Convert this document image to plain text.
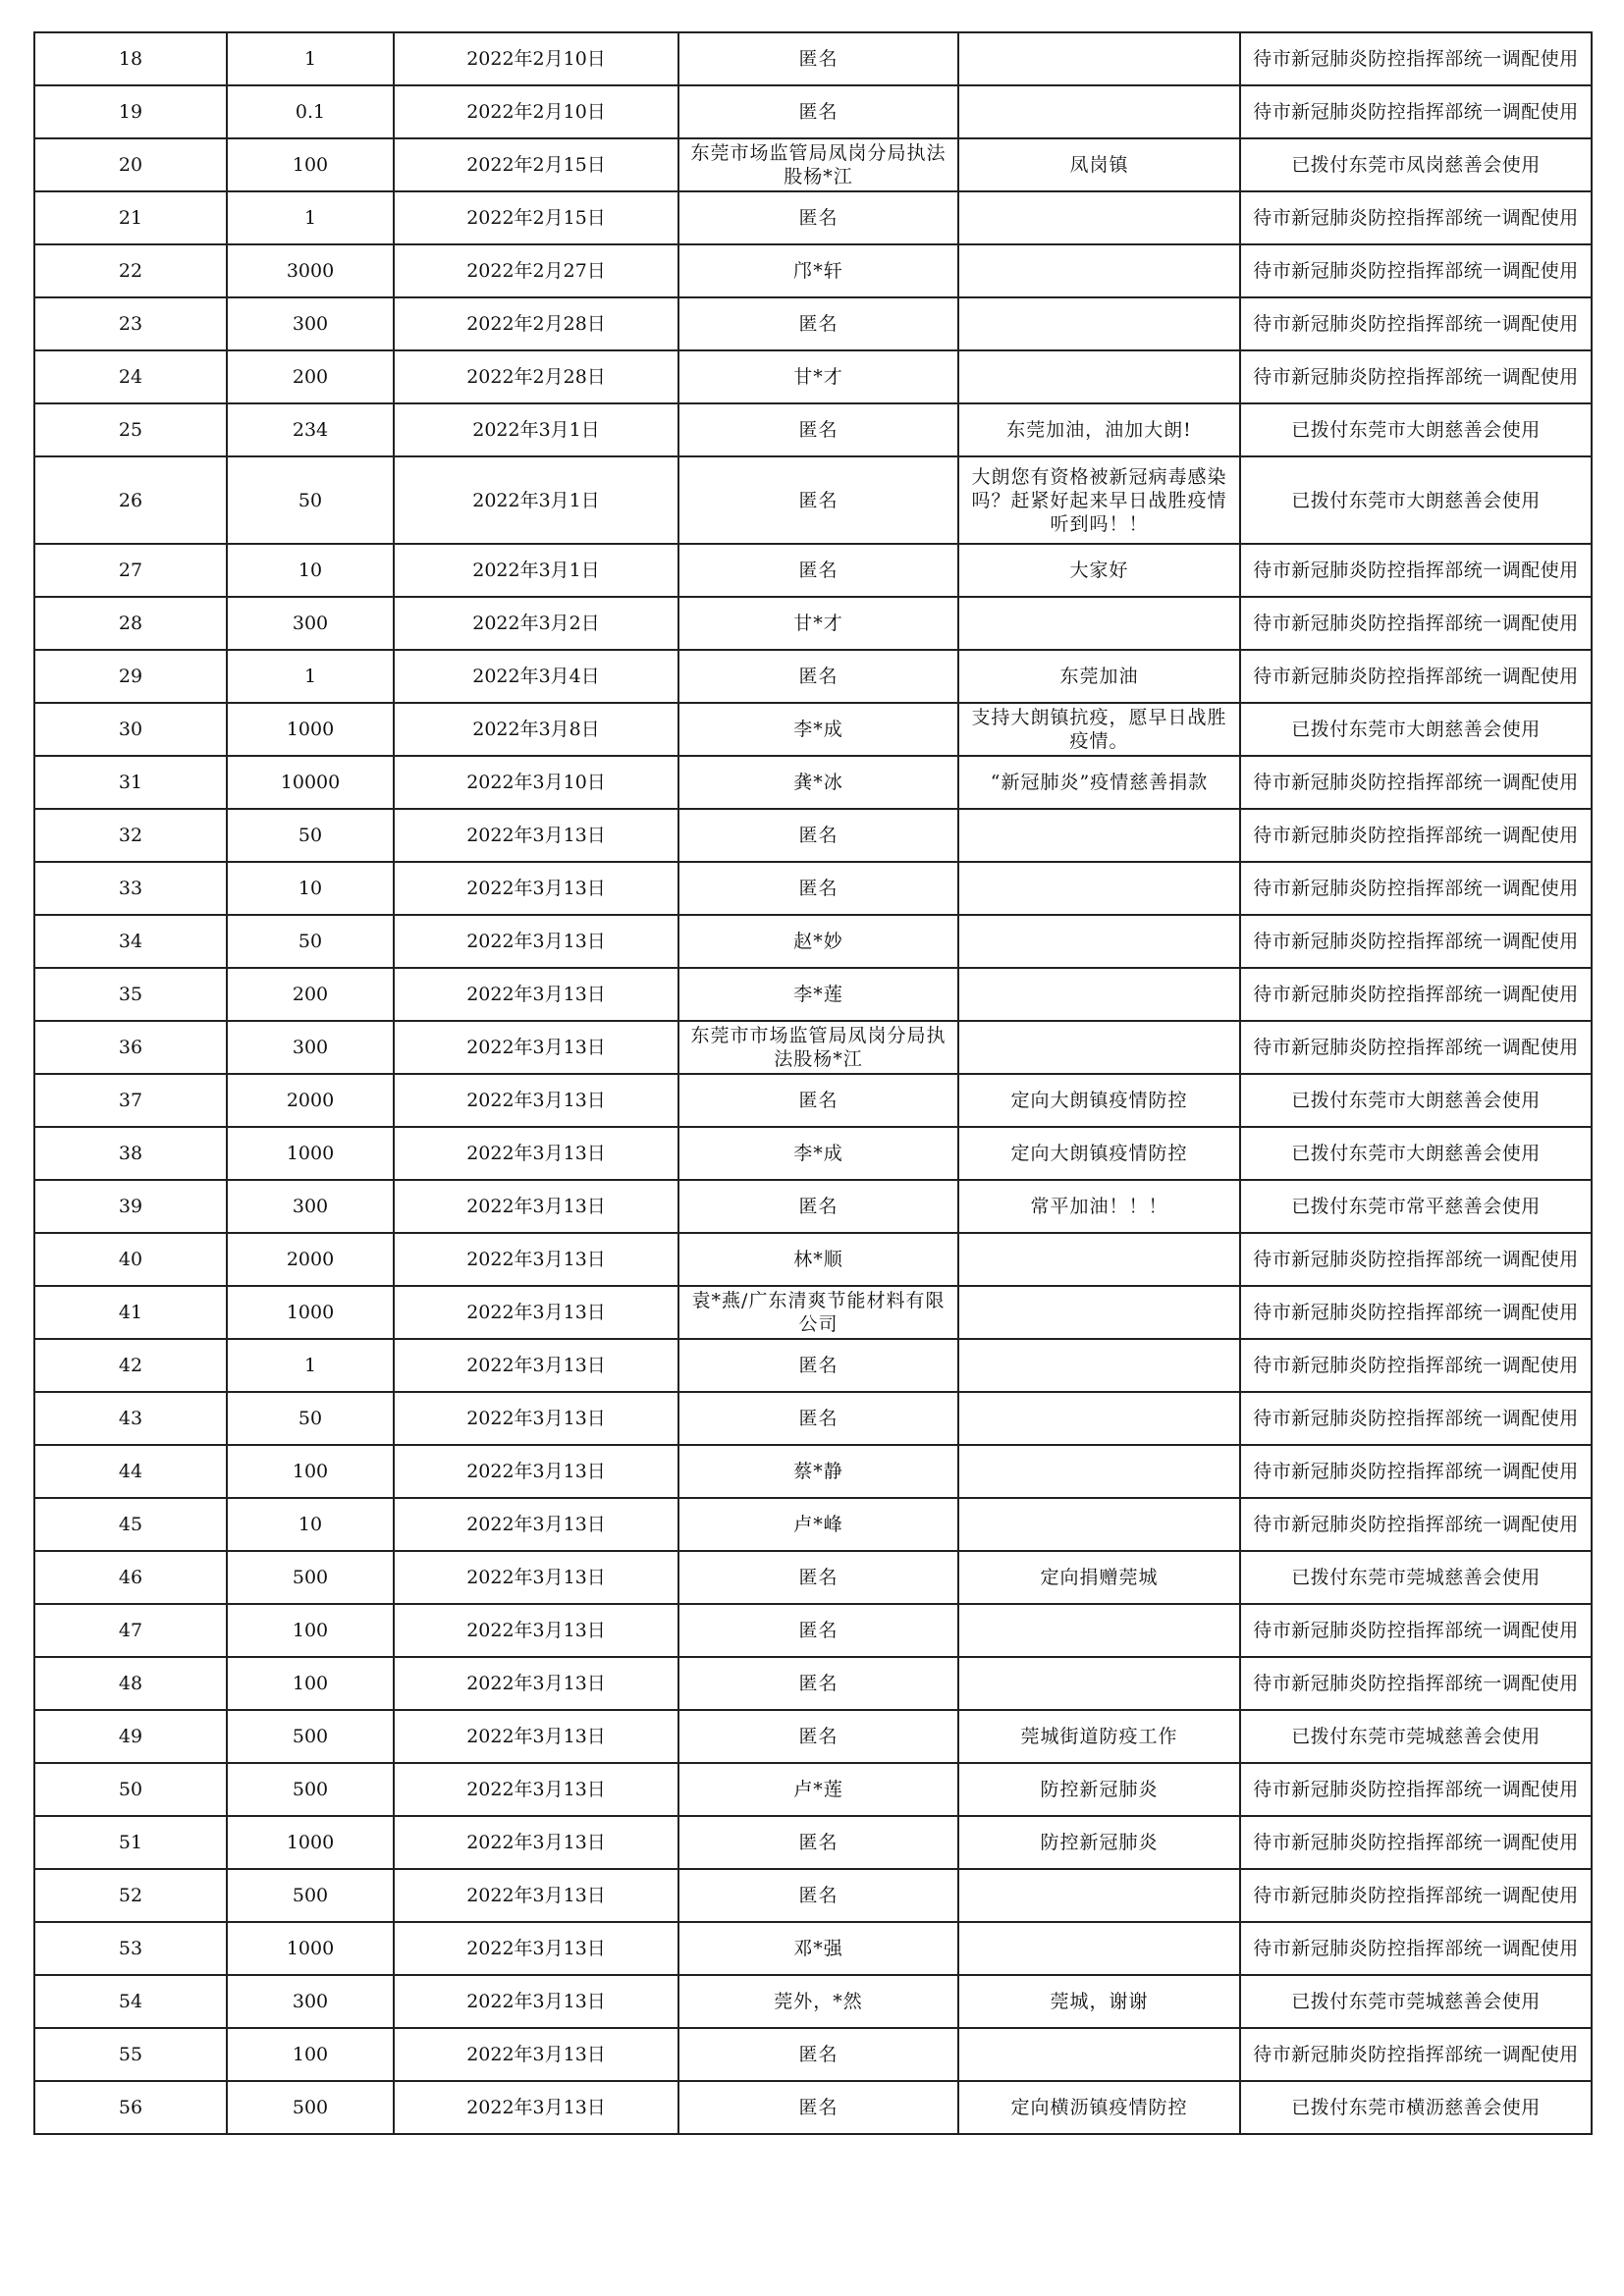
18	1	2022年2月10日	匿名		待市新冠肺炎防控指挥部统一调配使用
19	0.1	2022年2月10日	匿名		待市新冠肺炎防控指挥部统一调配使用
20	100	2022年2月15日	东莞市场监管局凤岗分局执法股杨*江	凤岗镇	已拨付东莞市凤岗慈善会使用
21	1	2022年2月15日	匿名		待市新冠肺炎防控指挥部统一调配使用
22	3000	2022年2月27日	邝*轩		待市新冠肺炎防控指挥部统一调配使用
23	300	2022年2月28日	匿名		待市新冠肺炎防控指挥部统一调配使用
24	200	2022年2月28日	甘*才		待市新冠肺炎防控指挥部统一调配使用
25	234	2022年3月1日	匿名	东莞加油，油加大朗!	已拨付东莞市大朗慈善会使用
26	50	2022年3月1日	匿名	大朗您有资格被新冠病毒感染吗？赶紧好起来早日战胜疫情听到吗！！	已拨付东莞市大朗慈善会使用
27	10	2022年3月1日	匿名	大家好	待市新冠肺炎防控指挥部统一调配使用
28	300	2022年3月2日	甘*才		待市新冠肺炎防控指挥部统一调配使用
29	1	2022年3月4日	匿名	东莞加油	待市新冠肺炎防控指挥部统一调配使用
30	1000	2022年3月8日	李*成	支持大朗镇抗疫，愿早日战胜疫情。	已拨付东莞市大朗慈善会使用
31	10000	2022年3月10日	龚*冰	“新冠肺炎”疫情慈善捐款	待市新冠肺炎防控指挥部统一调配使用
32	50	2022年3月13日	匿名		待市新冠肺炎防控指挥部统一调配使用
33	10	2022年3月13日	匿名		待市新冠肺炎防控指挥部统一调配使用
34	50	2022年3月13日	赵*妙		待市新冠肺炎防控指挥部统一调配使用
35	200	2022年3月13日	李*莲		待市新冠肺炎防控指挥部统一调配使用
36	300	2022年3月13日	东莞市市场监管局凤岗分局执法股杨*江		待市新冠肺炎防控指挥部统一调配使用
37	2000	2022年3月13日	匿名	定向大朗镇疫情防控	已拨付东莞市大朗慈善会使用
38	1000	2022年3月13日	李*成	定向大朗镇疫情防控	已拨付东莞市大朗慈善会使用
39	300	2022年3月13日	匿名	常平加油！！！	已拨付东莞市常平慈善会使用
40	2000	2022年3月13日	林*顺		待市新冠肺炎防控指挥部统一调配使用
41	1000	2022年3月13日	袁*燕/广东清爽节能材料有限公司		待市新冠肺炎防控指挥部统一调配使用
42	1	2022年3月13日	匿名		待市新冠肺炎防控指挥部统一调配使用
43	50	2022年3月13日	匿名		待市新冠肺炎防控指挥部统一调配使用
44	100	2022年3月13日	蔡*静		待市新冠肺炎防控指挥部统一调配使用
45	10	2022年3月13日	卢*峰		待市新冠肺炎防控指挥部统一调配使用
46	500	2022年3月13日	匿名	定向捐赠莞城	已拨付东莞市莞城慈善会使用
47	100	2022年3月13日	匿名		待市新冠肺炎防控指挥部统一调配使用
48	100	2022年3月13日	匿名		待市新冠肺炎防控指挥部统一调配使用
49	500	2022年3月13日	匿名	莞城街道防疫工作	已拨付东莞市莞城慈善会使用
50	500	2022年3月13日	卢*莲	防控新冠肺炎	待市新冠肺炎防控指挥部统一调配使用
51	1000	2022年3月13日	匿名	防控新冠肺炎	待市新冠肺炎防控指挥部统一调配使用
52	500	2022年3月13日	匿名		待市新冠肺炎防控指挥部统一调配使用
53	1000	2022年3月13日	邓*强		待市新冠肺炎防控指挥部统一调配使用
54	300	2022年3月13日	莞外，*然	莞城，谢谢	已拨付东莞市莞城慈善会使用
55	100	2022年3月13日	匿名		待市新冠肺炎防控指挥部统一调配使用
56	500	2022年3月13日	匿名	定向横沥镇疫情防控	已拨付东莞市横沥慈善会使用
